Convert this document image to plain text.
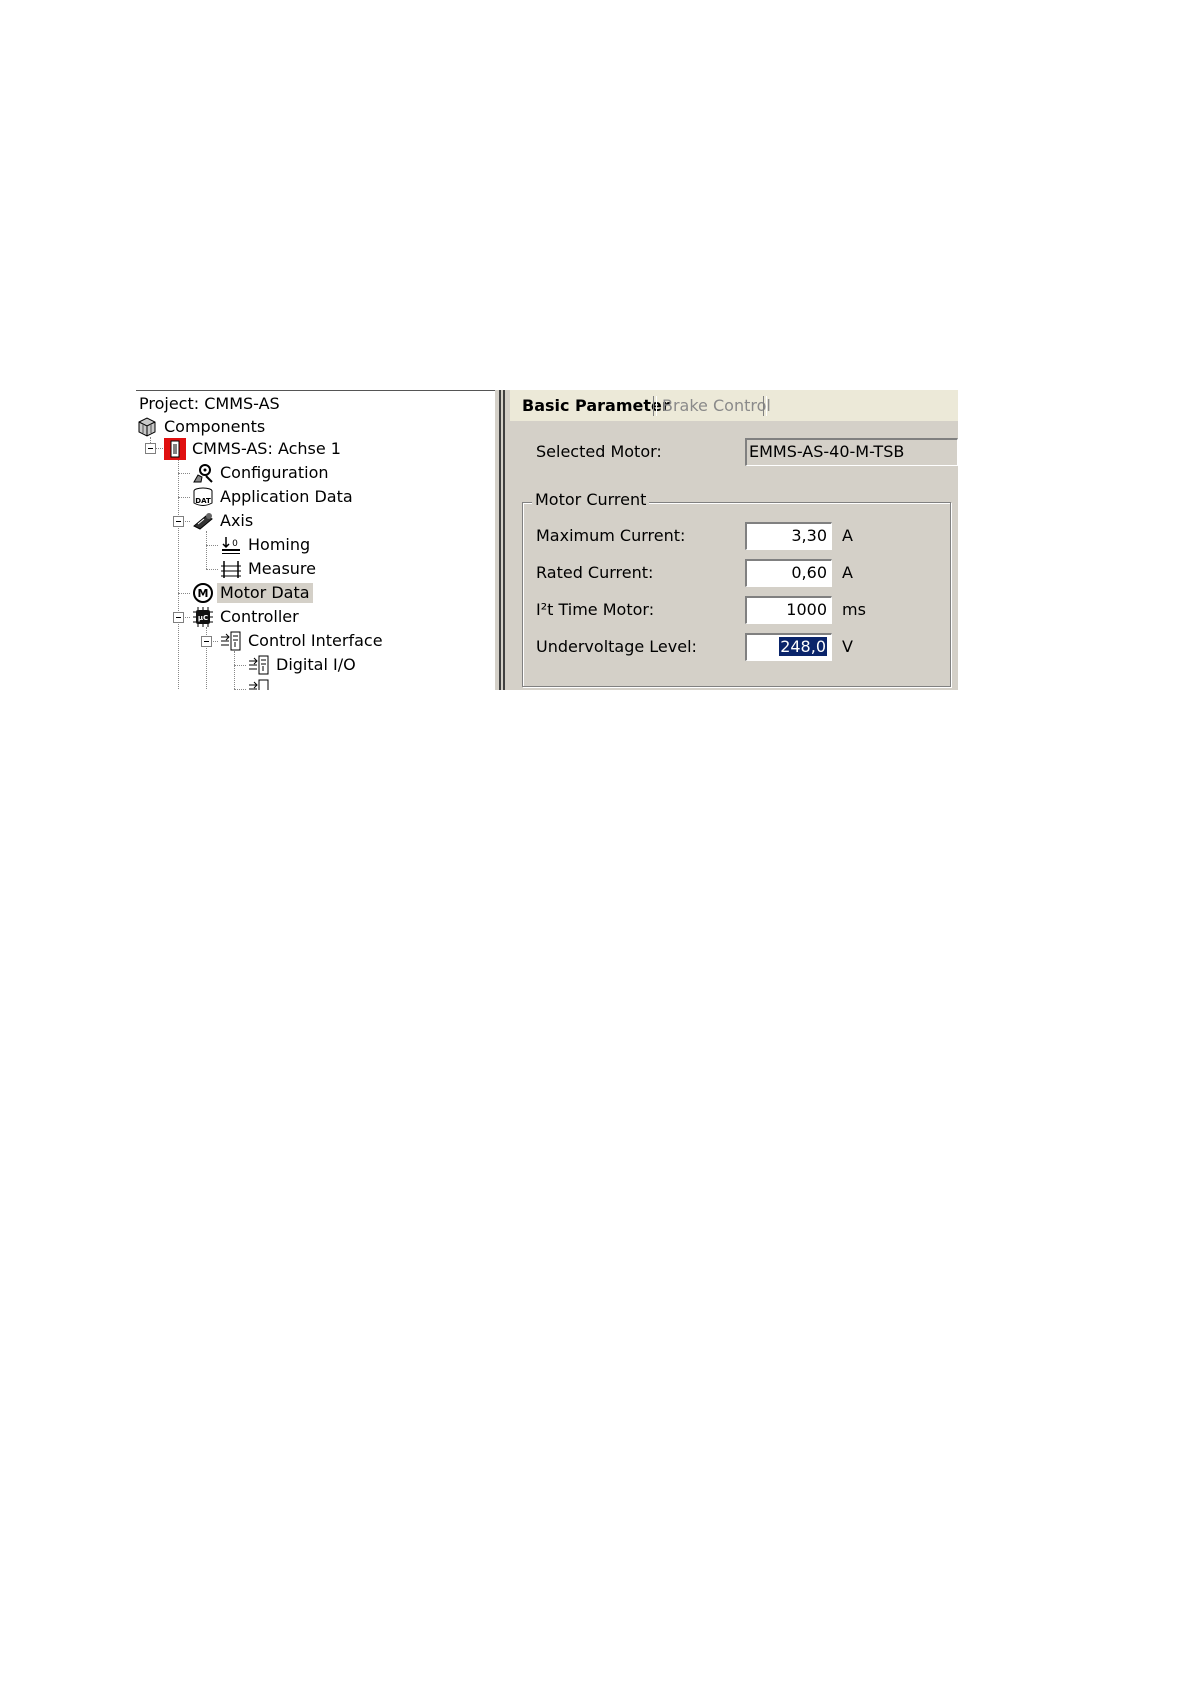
Project: CMMS-AS
Components
CMMS-AS: Achse 1
Configuration
DAT Application Data
Axis
0 Homing
Measure
M Motor Data
µC Controller
Control Interface
Digital I/O
Basic Parameter
Brake Control
Selected Motor:	EMMS-AS-40-M-TSB
Motor Current
Maximum Current:	3,30 A
Rated Current:	0,60 A
I²t Time Motor:	1000 ms
Undervoltage Level:	248,0	V
